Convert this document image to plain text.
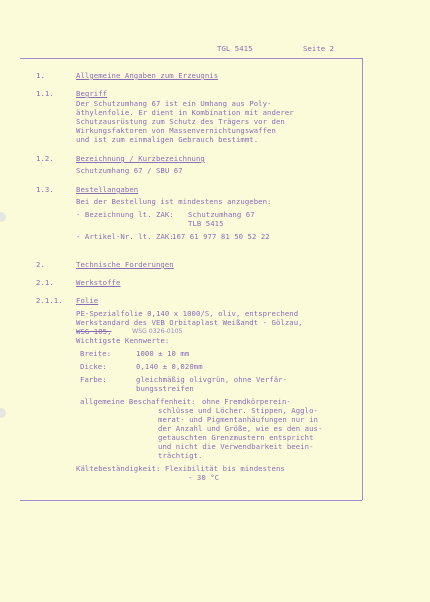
TGL 5415	Seite 2
1.	Allgemeine Angaben zum Erzeugnis
1.1.	Begriff
Der Schutzumhang 67 ist ein Umhang aus Poly-
äthylenfolie. Er dient in Kombination mit anderer
Schutzausrüstung zum Schutz des Trägers vor den
Wirkungsfaktoren von Massenvernichtungswaffen
und ist zum einmaligen Gebrauch bestimmt.
1.2.	Bezeichnung / Kurzbezeichnung
Schutzumhang 67 / SBU 67
1.3.	Bestellangaben
Bei der Bestellung ist mindestens anzugeben:
- Bezeichnung lt. ZAK: Schutzumhang 67
TLB 5415
- Artikel-Nr. lt. ZAK:
167 61 977 81 50 52 22
2.	Technische Forderungen
2.1.	Werkstoffe
2.1.1. Folie
PE-Spezialfolie 0,140 x 1000/S, oliv, entsprechend
Werkstandard des VEB Orbitaplast Weißandt - Gölzau,
WSG 105,	WSG 0326-0105
Wichtigste Kennwerte:
Breite:	1000 ± 10 mm
Dicke:	0,140 ± 0,020mm
Farbe:	gleichmäßig olivgrün, ohne Verfär-
bungsstreifen
allgemeine Beschaffenheit: ohne Fremdkörperein-
schlüsse und Löcher. Stippen, Agglo-
merat- und Pigmentanhäufungen nur in
der Anzahl und Größe, wie es den aus-
getauschten Grenzmustern entspricht
und nicht die Verwendbarkeit beein-
trächtigt.
Kältebeständigkeit: Flexibilität bis mindestens
- 30 °C
